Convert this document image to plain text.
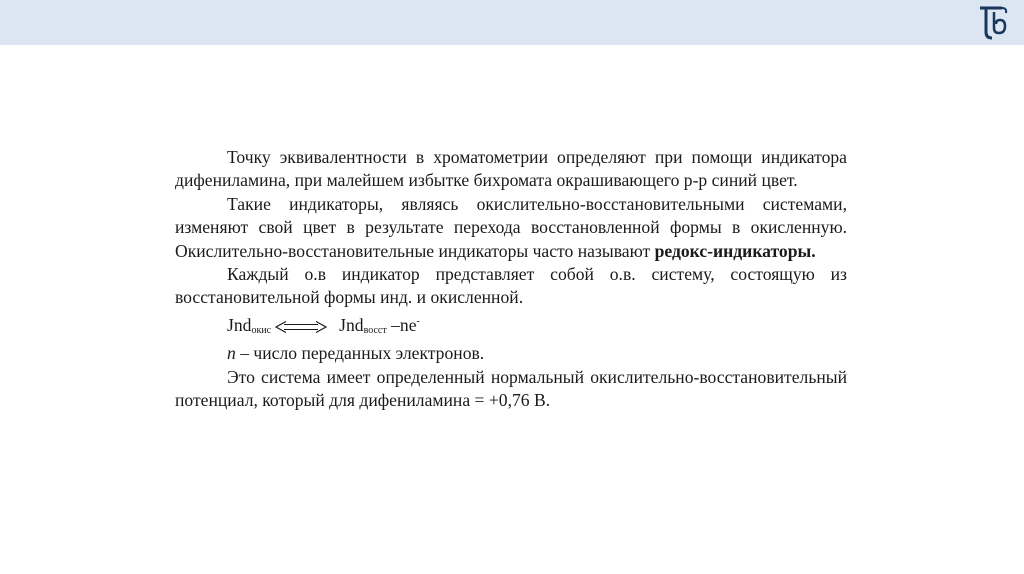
Точку эквивалентности в хроматометрии определяют при помощи индикатора дифениламина, при малейшем избытке бихромата окрашивающего р-р синий цвет.

Такие индикаторы, являясь окислительно-восстановительными системами, изменяют свой цвет в результате перехода восстановленной формы в окисленную. Окислительно-восстановительные индикаторы часто называют редокс-индикаторы.

Каждый о.в индикатор представляет собой о.в. систему, состоящую из восстановительной формы инд. и окисленной.

Jnd$_{окис}$	Jnd$_{восст}$ –ne-

n – число переданных электронов.

Это система имеет определенный нормальный окислительно-восстановительный потенциал, который для дифениламина = +0,76 В.
